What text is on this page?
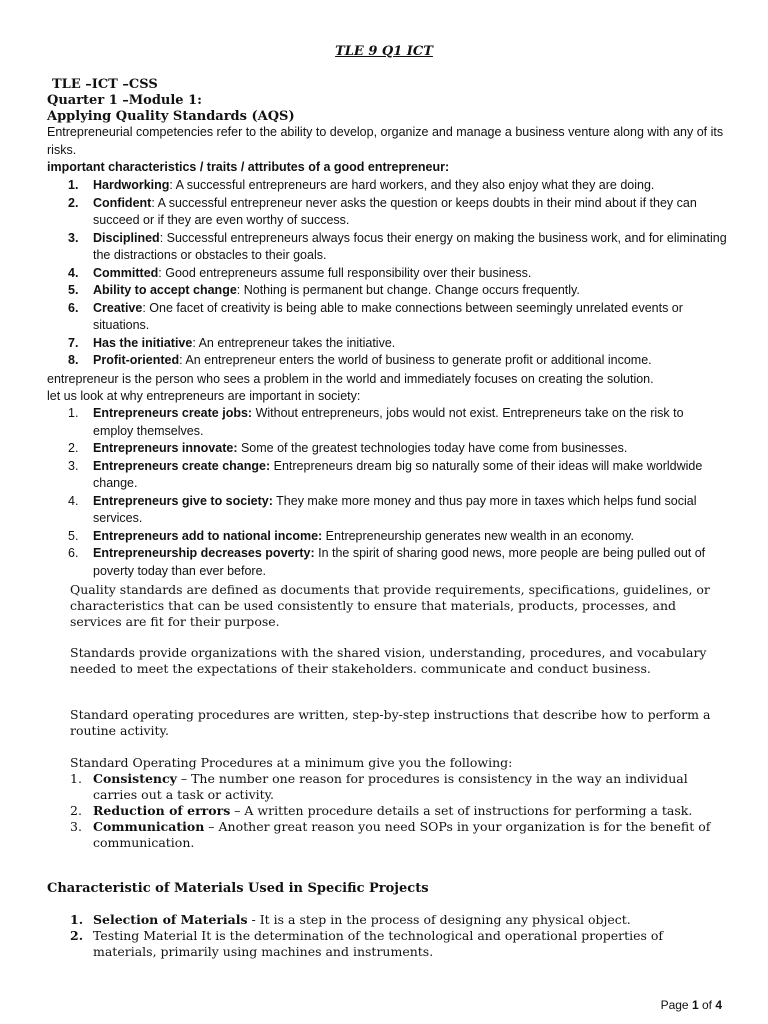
TLE 9 Q1 ICT
TLE –ICT –CSS
Quarter 1 –Module 1:
Applying Quality Standards (AQS)
Entrepreneurial competencies refer to the ability to develop, organize and manage a business venture along with any of its risks.
important characteristics / traits / attributes of a good entrepreneur:
1. Hardworking: A successful entrepreneurs are hard workers, and they also enjoy what they are doing.
2. Confident: A successful entrepreneur never asks the question or keeps doubts in their mind about if they can succeed or if they are even worthy of success.
3. Disciplined: Successful entrepreneurs always focus their energy on making the business work, and for eliminating the distractions or obstacles to their goals.
4. Committed: Good entrepreneurs assume full responsibility over their business.
5. Ability to accept change: Nothing is permanent but change. Change occurs frequently.
6. Creative: One facet of creativity is being able to make connections between seemingly unrelated events or situations.
7. Has the initiative: An entrepreneur takes the initiative.
8. Profit-oriented: An entrepreneur enters the world of business to generate profit or additional income.
entrepreneur is the person who sees a problem in the world and immediately focuses on creating the solution.
let us look at why entrepreneurs are important in society:
1. Entrepreneurs create jobs: Without entrepreneurs, jobs would not exist. Entrepreneurs take on the risk to employ themselves.
2. Entrepreneurs innovate: Some of the greatest technologies today have come from businesses.
3. Entrepreneurs create change: Entrepreneurs dream big so naturally some of their ideas will make worldwide change.
4. Entrepreneurs give to society: They make more money and thus pay more in taxes which helps fund social services.
5. Entrepreneurs add to national income: Entrepreneurship generates new wealth in an economy.
6. Entrepreneurship decreases poverty: In the spirit of sharing good news, more people are being pulled out of poverty today than ever before.
Quality standards are defined as documents that provide requirements, specifications, guidelines, or characteristics that can be used consistently to ensure that materials, products, processes, and services are fit for their purpose.
Standards provide organizations with the shared vision, understanding, procedures, and vocabulary needed to meet the expectations of their stakeholders. communicate and conduct business.
Standard operating procedures are written, step-by-step instructions that describe how to perform a routine activity.
Standard Operating Procedures at a minimum give you the following:
1. Consistency – The number one reason for procedures is consistency in the way an individual carries out a task or activity.
2. Reduction of errors – A written procedure details a set of instructions for performing a task.
3. Communication – Another great reason you need SOPs in your organization is for the benefit of communication.
Characteristic of Materials Used in Specific Projects
1. Selection of Materials - It is a step in the process of designing any physical object.
2. Testing Material It is the determination of the technological and operational properties of materials, primarily using machines and instruments.
Page 1 of 4
